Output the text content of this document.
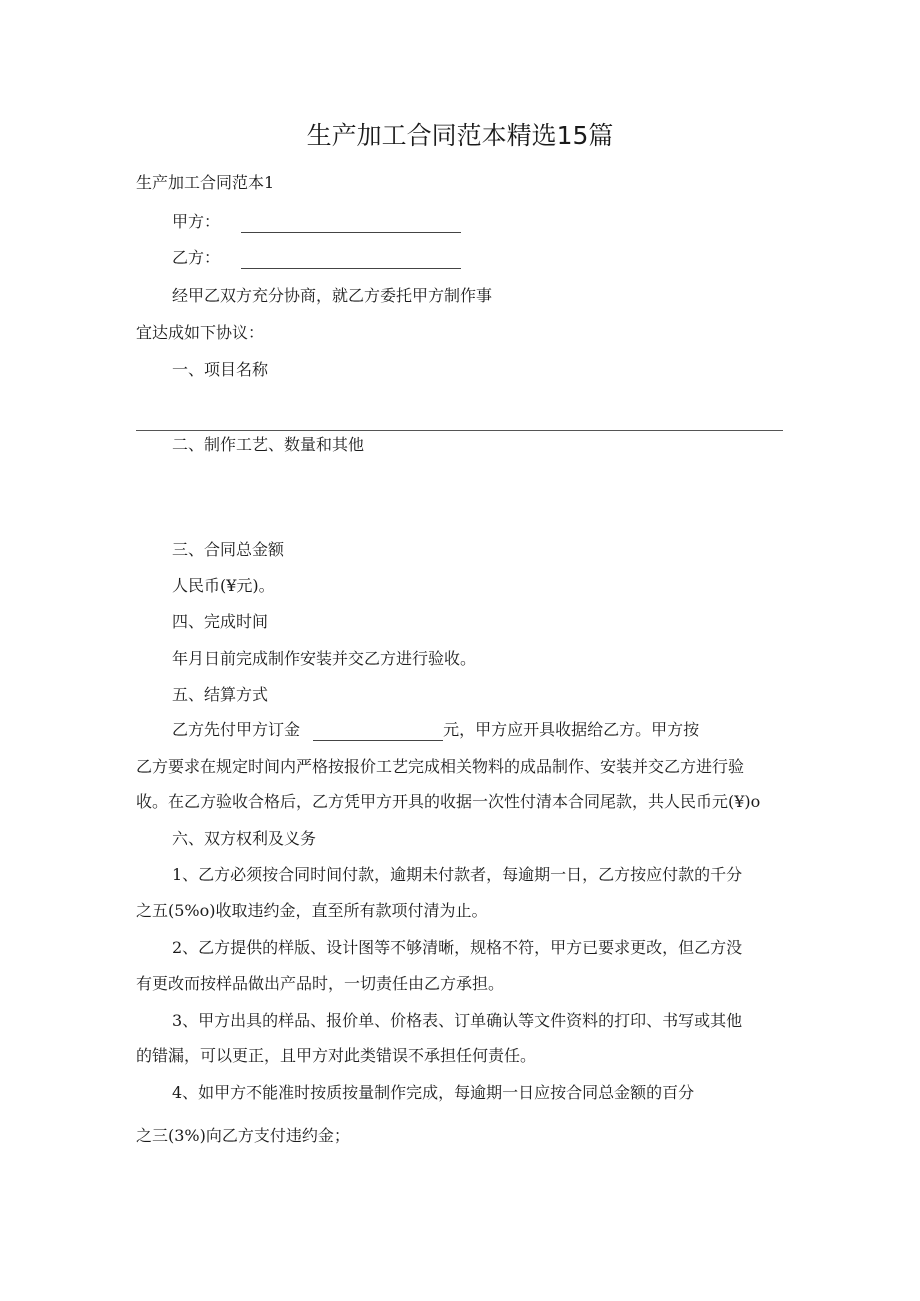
生产加工合同范本精选15篇
生产加工合同范本1
甲方：
乙方：
经甲乙双方充分协商，就乙方委托甲方制作事
宜达成如下协议：
一、项目名称
二、制作工艺、数量和其他
三、合同总金额
人民币(¥元)。
四、完成时间
年月日前完成制作安装并交乙方进行验收。
五、结算方式
乙方先付甲方订金	元，甲方应开具收据给乙方。甲方按
乙方要求在规定时间内严格按报价工艺完成相关物料的成品制作、安装并交乙方进行验
收。在乙方验收合格后，乙方凭甲方开具的收据一次性付清本合同尾款，共人民币元(¥)o
六、双方权利及义务
1、乙方必须按合同时间付款，逾期未付款者，每逾期一日，乙方按应付款的千分
之五(5%o)收取违约金，直至所有款项付清为止。
2、乙方提供的样版、设计图等不够清晰，规格不符，甲方已要求更改，但乙方没
有更改而按样品做出产品时，一切责任由乙方承担。
3、甲方出具的样品、报价单、价格表、订单确认等文件资料的打印、书写或其他
的错漏，可以更正，且甲方对此类错误不承担任何责任。
4、如甲方不能准时按质按量制作完成，每逾期一日应按合同总金额的百分
之三(3%)向乙方支付违约金；
